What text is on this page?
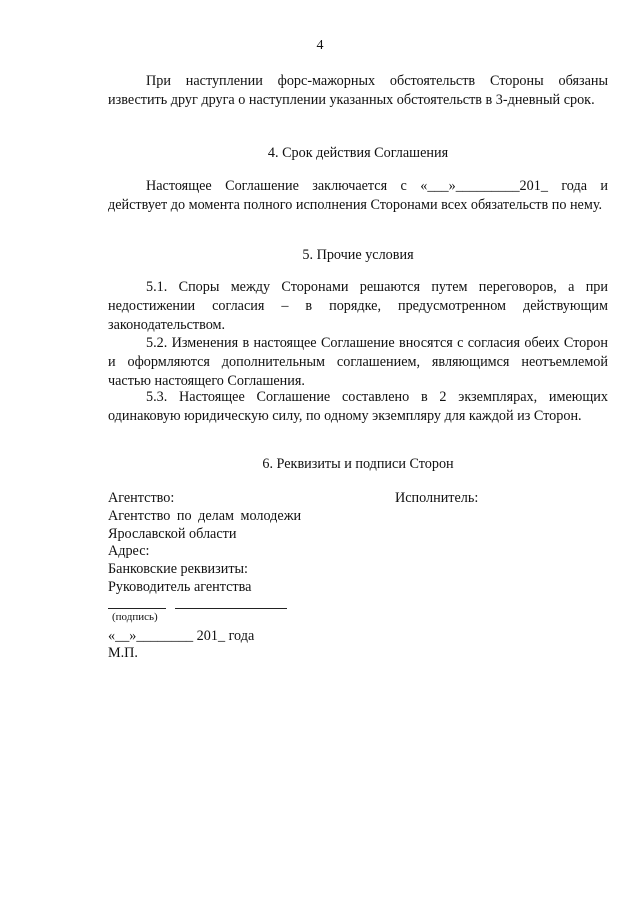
4

При наступлении форс-мажорных обстоятельств Стороны обязаны известить друг друга о наступлении указанных обстоятельств в 3-дневный срок.

4. Срок действия Соглашения

Настоящее Соглашение заключается с «___»_________201_ года и действует до момента полного исполнения Сторонами всех обязательств по нему.

5. Прочие условия

5.1. Споры между Сторонами решаются путем переговоров, а при недостижении согласия – в порядке, предусмотренном действующим законодательством.

5.2. Изменения в настоящее Соглашение вносятся с согласия обеих Сторон и оформляются дополнительным соглашением, являющимся неотъемлемой частью настоящего Соглашения.

5.3. Настоящее Соглашение составлено в 2 экземплярах, имеющих одинаковую юридическую силу, по одному экземпляру для каждой из Сторон.

6. Реквизиты и подписи Сторон

Агентство:	Исполнитель:

Агентство по делам молодежи

Ярославской области

Адрес:

Банковские реквизиты:

Руководитель агентства

(подпись)

«__»________ 201_ года

М.П.
